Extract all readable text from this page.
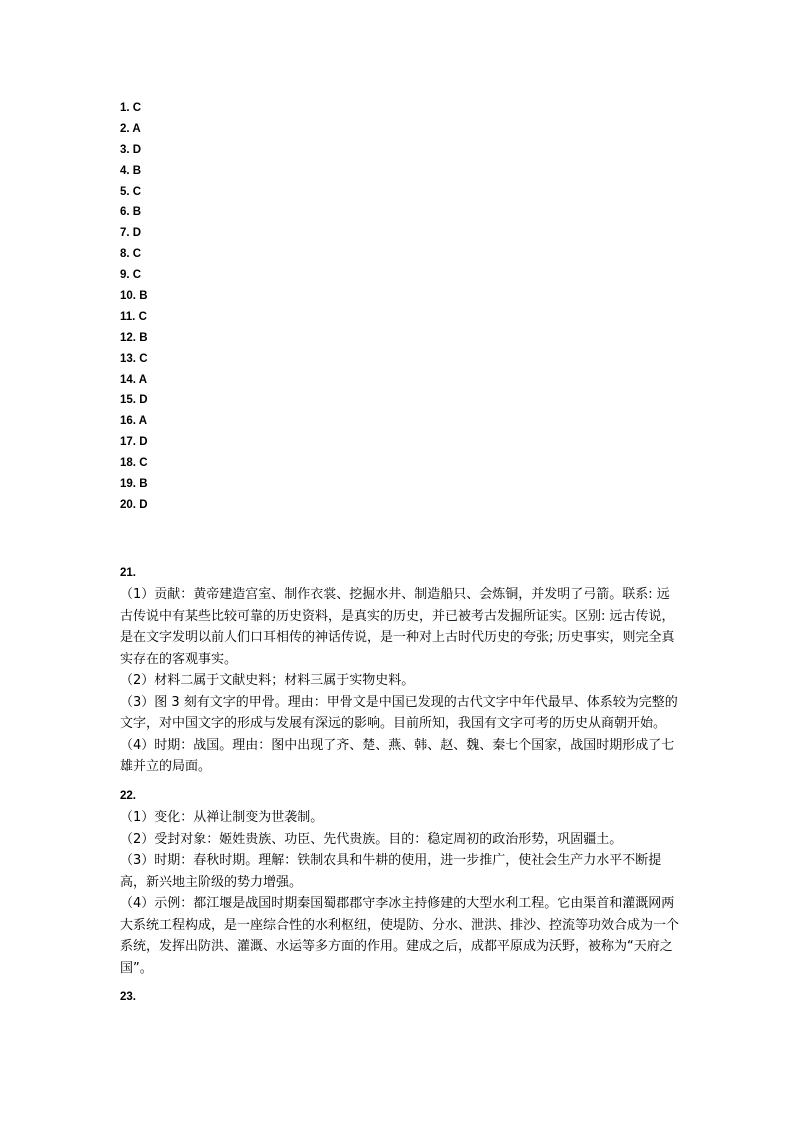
1. C
2. A
3. D
4. B
5. C
6. B
7. D
8. C
9. C
10. B
11. C
12. B
13. C
14. A
15. D
16. A
17. D
18. C
19. B
20. D
21.

（1）贡献：黄帝建造宫室、制作衣裳、挖掘水井、制造船只、会炼铜，并发明了弓箭。联系: 远古传说中有某些比较可靠的历史资料，是真实的历史，并已被考古发掘所证实。区别: 远古传说，是在文字发明以前人们口耳相传的神话传说，是一种对上古时代历史的夸张; 历史事实，则完全真实存在的客观事实。

（2）材料二属于文献史料；材料三属于实物史料。

（3）图 3 刻有文字的甲骨。理由：甲骨文是中国已发现的古代文字中年代最早、体系较为完整的文字，对中国文字的形成与发展有深远的影响。目前所知，我国有文字可考的历史从商朝开始。

（4）时期：战国。理由：图中出现了齐、楚、燕、韩、赵、魏、秦七个国家，战国时期形成了七雄并立的局面。

22.

（1）变化：从禅让制变为世袭制。

（2）受封对象：姬姓贵族、功臣、先代贵族。目的：稳定周初的政治形势，巩固疆土。

（3）时期：春秋时期。理解：铁制农具和牛耕的使用，进一步推广，使社会生产力水平不断提高，新兴地主阶级的势力增强。

（4）示例：都江堰是战国时期秦国蜀郡郡守李冰主持修建的大型水利工程。它由渠首和灌溉网两大系统工程构成，是一座综合性的水利枢纽，使堤防、分水、泄洪、排沙、控流等功效合成为一个系统，发挥出防洪、灌溉、水运等多方面的作用。建成之后，成都平原成为沃野，被称为“天府之国”。

23.
